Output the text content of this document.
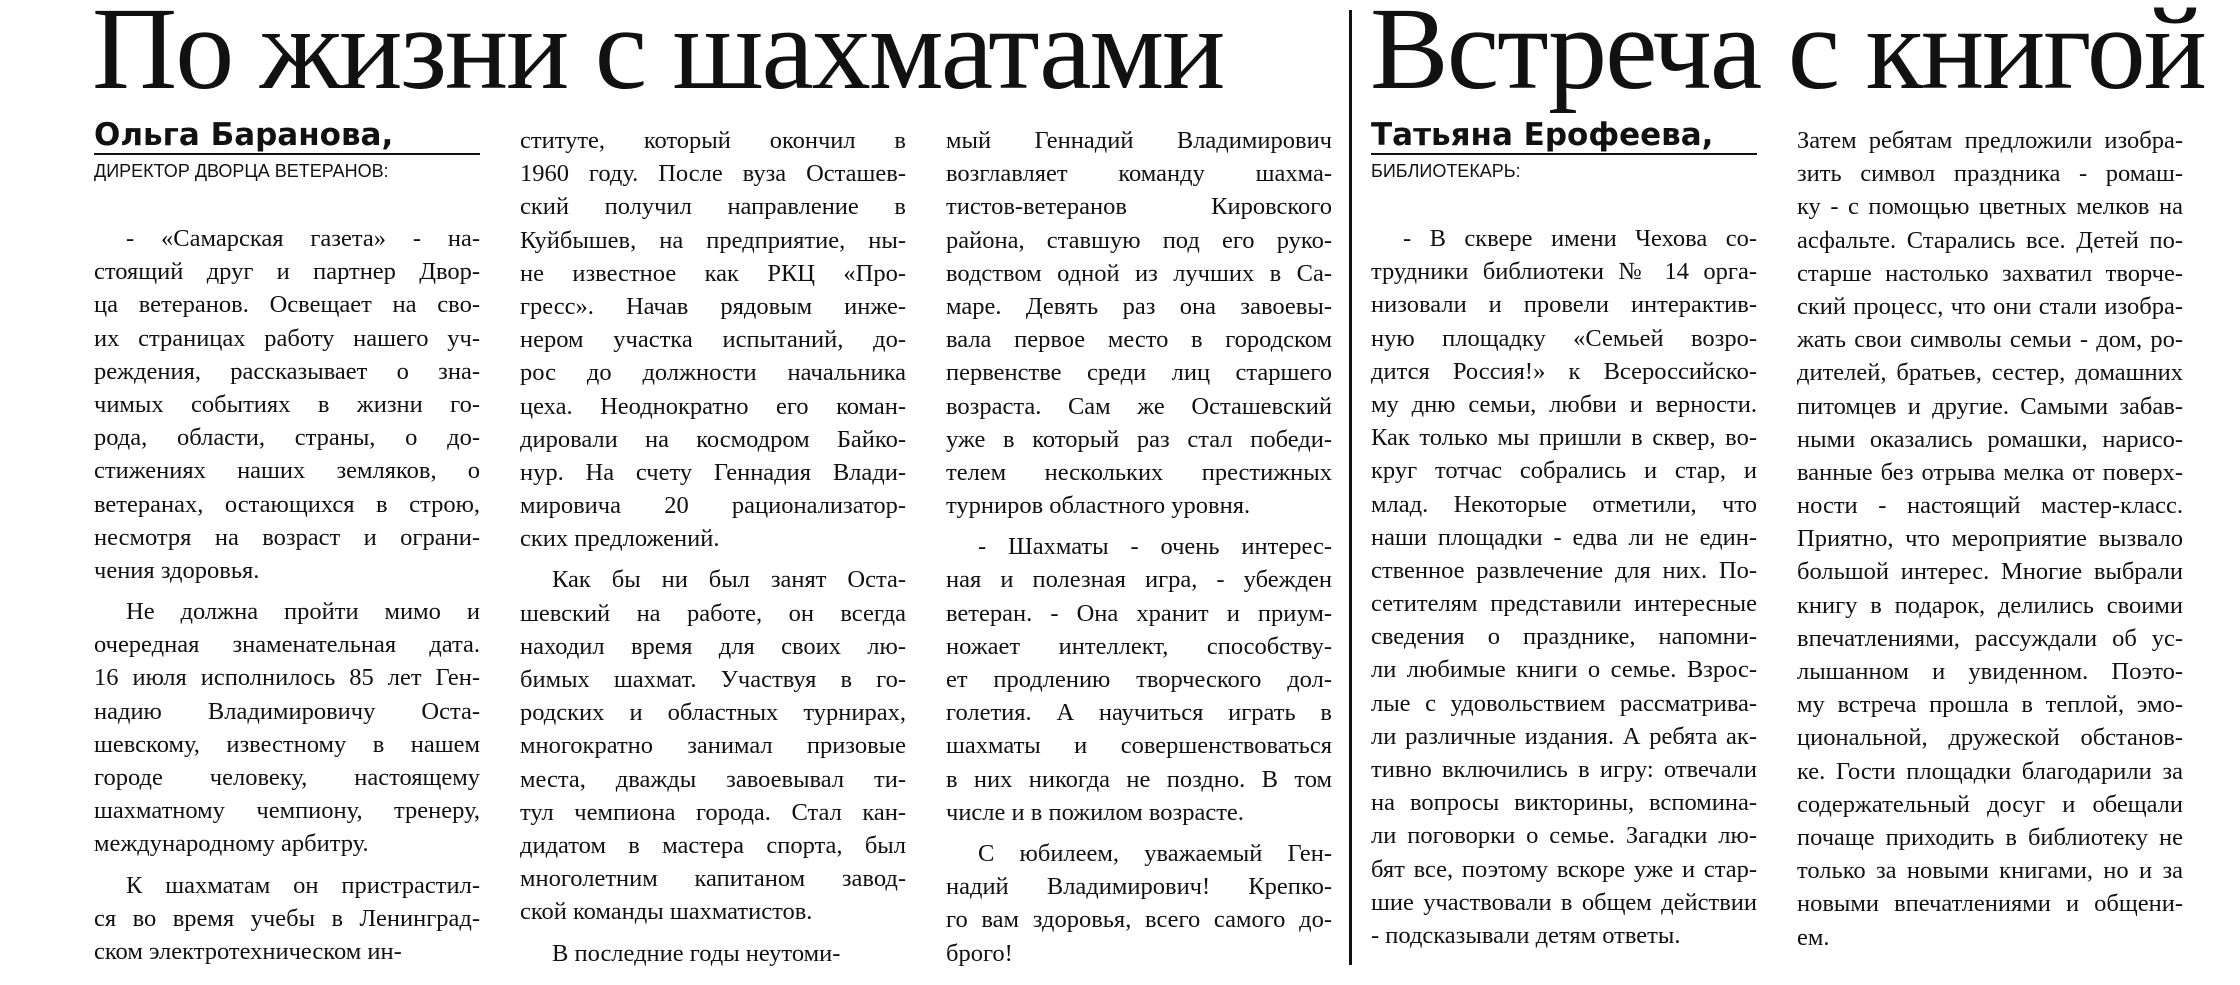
По жизни с шахматами
Ольга Баранова,
ДИРЕКТОР ДВОРЦА ВЕТЕРАНОВ:

- «Самарская газета» - на-
стоящий друг и партнер Двор-
ца ветеранов. Освещает на сво-
их страницах работу нашего уч-
реждения, рассказывает о зна-
чимых событиях в жизни го-
рода, области, страны, о до-
стижениях наших земляков, о
ветеранах, остающихся в строю,
несмотря на возраст и ограни-
чения здоровья.
Не должна пройти мимо и
очередная знаменательная дата.
16 июля исполнилось 85 лет Ген-
надию Владимировичу Оста-
шевскому, известному в нашем
городе человеку, настоящему
шахматному чемпиону, тренеру,
международному арбитру.
К шахматам он пристрастил-
ся во время учебы в Ленинград-
ском электротехническом ин-
ституте, который окончил в
1960 году. После вуза Осташев-
ский получил направление в
Куйбышев, на предприятие, ны-
не известное как РКЦ «Про-
гресс». Начав рядовым инже-
нером участка испытаний, до-
рос до должности начальника
цеха. Неоднократно его коман-
дировали на космодром Байко-
нур. На счету Геннадия Влади-
мировича 20 рационализатор-
ских предложений.
Как бы ни был занят Оста-
шевский на работе, он всегда
находил время для своих лю-
бимых шахмат. Участвуя в го-
родских и областных турнирах,
многократно занимал призовые
места, дважды завоевывал ти-
тул чемпиона города. Стал кан-
дидатом в мастера спорта, был
многолетним капитаном завод-
ской команды шахматистов.
В последние годы неутоми-
мый Геннадий Владимирович
возглавляет команду шахма-
тистов-ветеранов Кировского
района, ставшую под его руко-
водством одной из лучших в Са-
маре. Девять раз она завоевы-
вала первое место в городском
первенстве среди лиц старшего
возраста. Сам же Осташевский
уже в который раз стал победи-
телем нескольких престижных
турниров областного уровня.
- Шахматы - очень интерес-
ная и полезная игра, - убежден
ветеран. - Она хранит и приум-
ножает интеллект, способству-
ет продлению творческого дол-
голетия. А научиться играть в
шахматы и совершенствоваться
в них никогда не поздно. В том
числе и в пожилом возрасте.
С юбилеем, уважаемый Ген-
надий Владимирович! Крепко-
го вам здоровья, всего самого до-
брого!
Встреча с книгой
Татьяна Ерофеева,
БИБЛИОТЕКАРЬ:

- В сквере имени Чехова со-
трудники библиотеки № 14 орга-
низовали и провели интерактив-
ную площадку «Семьей возро-
дится Россия!» к Всероссийско-
му дню семьи, любви и верности.
Как только мы пришли в сквер, во-
круг тотчас собрались и стар, и
млад. Некоторые отметили, что
наши площадки - едва ли не един-
ственное развлечение для них. По-
сетителям представили интересные
сведения о празднике, напомни-
ли любимые книги о семье. Взрос-
лые с удовольствием рассматрива-
ли различные издания. А ребята ак-
тивно включились в игру: отвечали
на вопросы викторины, вспомина-
ли поговорки о семье. Загадки лю-
бят все, поэтому вскоре уже и стар-
шие участвовали в общем действии
- подсказывали детям ответы.
Затем ребятам предложили изобра-
зить символ праздника - ромаш-
ку - с помощью цветных мелков на
асфальте. Старались все. Детей по-
старше настолько захватил творче-
ский процесс, что они стали изобра-
жать свои символы семьи - дом, ро-
дителей, братьев, сестер, домашних
питомцев и другие. Самыми забав-
ными оказались ромашки, нарисо-
ванные без отрыва мелка от поверх-
ности - настоящий мастер-класс.
Приятно, что мероприятие вызвало
большой интерес. Многие выбрали
книгу в подарок, делились своими
впечатлениями, рассуждали об ус-
лышанном и увиденном. Поэто-
му встреча прошла в теплой, эмо-
циональной, дружеской обстанов-
ке. Гости площадки благодарили за
содержательный досуг и обещали
почаще приходить в библиотеку не
только за новыми книгами, но и за
новыми впечатлениями и общени-
ем.
